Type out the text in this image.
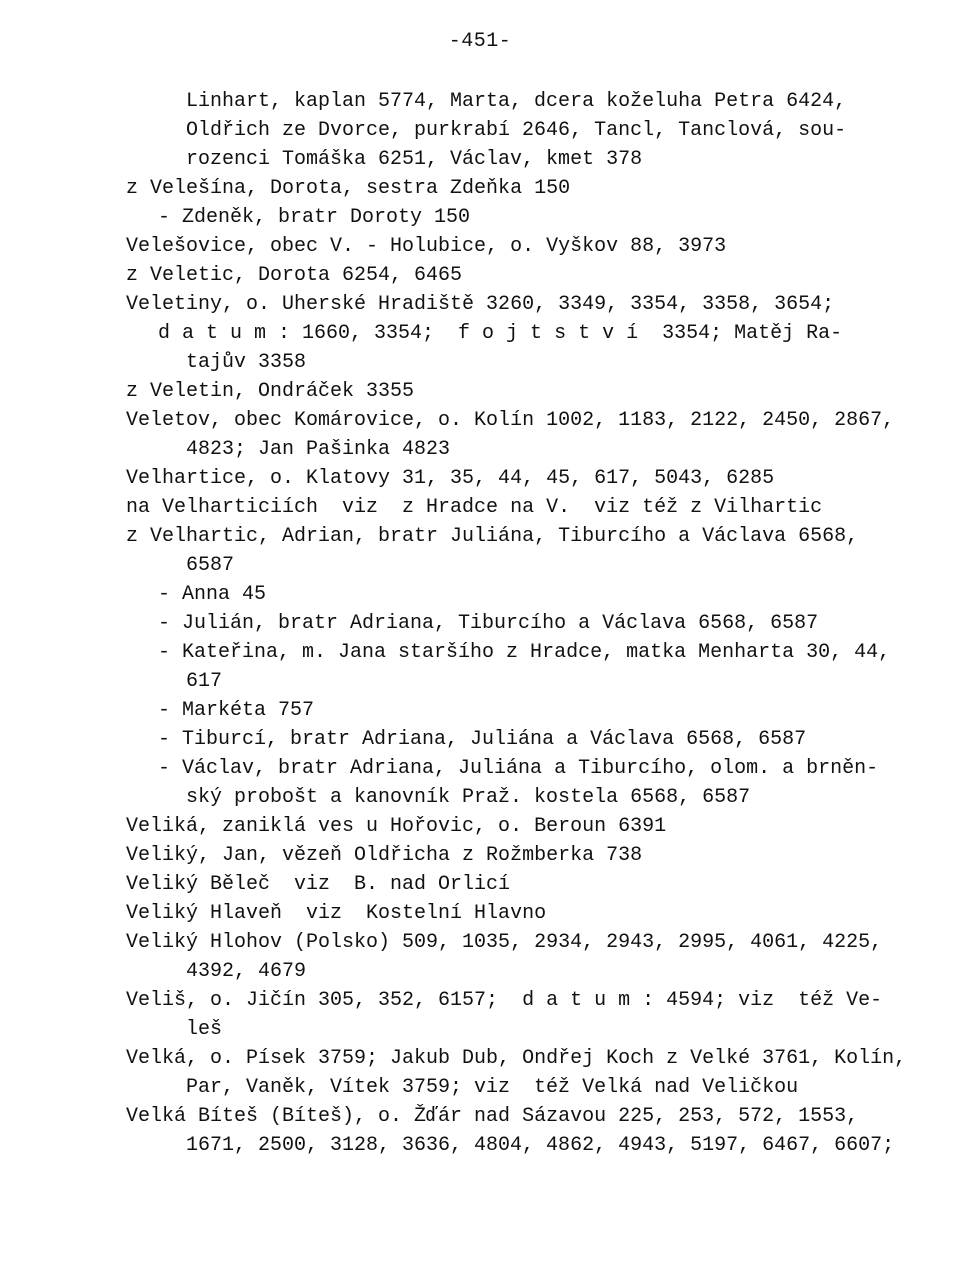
-451-
Linhart, kaplan 5774, Marta, dcera koželuha Petra 6424,
Oldřich ze Dvorce, purkrabí 2646, Tancl, Tanclová, sou-
rozenci Tomáška 6251, Václav, kmet 378
z Velešína, Dorota, sestra Zdeňka 150
- Zdeněk, bratr Doroty 150
Velešovice, obec V. - Holubice, o. Vyškov 88, 3973
z Veletic, Dorota 6254, 6465
Veletiny, o. Uherské Hradiště 3260, 3349, 3354, 3358, 3654;
d a t u m : 1660, 3354;  f o j t s t v í  3354; Matěj Ra-
tajův 3358
z Veletin, Ondráček 3355
Veletov, obec Komárovice, o. Kolín 1002, 1183, 2122, 2450, 2867,
4823; Jan Pašinka 4823
Velhartice, o. Klatovy 31, 35, 44, 45, 617, 5043, 6285
na Velharticiích  viz  z Hradce na V.  viz též z Vilhartic
z Velhartic, Adrian, bratr Juliána, Tiburcího a Václava 6568,
6587
- Anna 45
- Julián, bratr Adriana, Tiburcího a Václava 6568, 6587
- Kateřina, m. Jana staršího z Hradce, matka Menharta 30, 44,
617
- Markéta 757
- Tiburcí, bratr Adriana, Juliána a Václava 6568, 6587
- Václav, bratr Adriana, Juliána a Tiburcího, olom. a brněn-
ský probošt a kanovník Praž. kostela 6568, 6587
Veliká, zaniklá ves u Hořovic, o. Beroun 6391
Veliký, Jan, vězeň Oldřicha z Rožmberka 738
Veliký Běleč  viz  B. nad Orlicí
Veliký Hlaveň  viz  Kostelní Hlavno
Veliký Hlohov (Polsko) 509, 1035, 2934, 2943, 2995, 4061, 4225,
4392, 4679
Veliš, o. Jičín 305, 352, 6157;  d a t u m : 4594; viz  též Ve-
leš
Velká, o. Písek 3759; Jakub Dub, Ondřej Koch z Velké 3761, Kolín,
Par, Vaněk, Vítek 3759; viz  též Velká nad Veličkou
Velká Bíteš (Bíteš), o. Žďár nad Sázavou 225, 253, 572, 1553,
1671, 2500, 3128, 3636, 4804, 4862, 4943, 5197, 6467, 6607;
